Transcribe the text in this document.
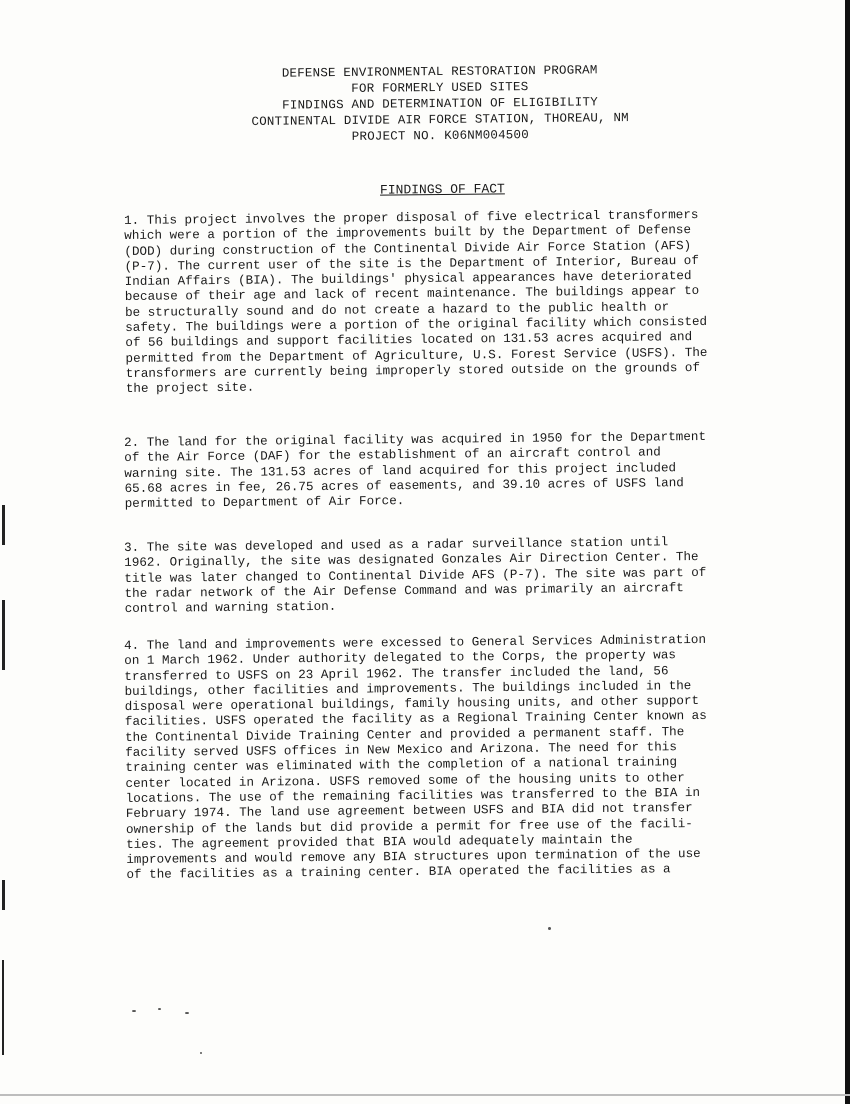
DEFENSE ENVIRONMENTAL RESTORATION PROGRAM
FOR FORMERLY USED SITES
FINDINGS AND DETERMINATION OF ELIGIBILITY
CONTINENTAL DIVIDE AIR FORCE STATION, THOREAU, NM
PROJECT NO. K06NM004500
FINDINGS OF FACT
1. This project involves the proper disposal of five electrical transformers
which were a portion of the improvements built by the Department of Defense
(DOD) during construction of the Continental Divide Air Force Station (AFS)
(P-7). The current user of the site is the Department of Interior, Bureau of
Indian Affairs (BIA). The buildings' physical appearances have deteriorated
because of their age and lack of recent maintenance. The buildings appear to
be structurally sound and do not create a hazard to the public health or
safety. The buildings were a portion of the original facility which consisted
of 56 buildings and support facilities located on 131.53 acres acquired and
permitted from the Department of Agriculture, U.S. Forest Service (USFS). The
transformers are currently being improperly stored outside on the grounds of
the project site.
2. The land for the original facility was acquired in 1950 for the Department
of the Air Force (DAF) for the establishment of an aircraft control and
warning site. The 131.53 acres of land acquired for this project included
65.68 acres in fee, 26.75 acres of easements, and 39.10 acres of USFS land
permitted to Department of Air Force.
3. The site was developed and used as a radar surveillance station until
1962. Originally, the site was designated Gonzales Air Direction Center. The
title was later changed to Continental Divide AFS (P-7). The site was part of
the radar network of the Air Defense Command and was primarily an aircraft
control and warning station.
4. The land and improvements were excessed to General Services Administration
on 1 March 1962. Under authority delegated to the Corps, the property was
transferred to USFS on 23 April 1962. The transfer included the land, 56
buildings, other facilities and improvements. The buildings included in the
disposal were operational buildings, family housing units, and other support
facilities. USFS operated the facility as a Regional Training Center known as
the Continental Divide Training Center and provided a permanent staff. The
facility served USFS offices in New Mexico and Arizona. The need for this
training center was eliminated with the completion of a national training
center located in Arizona. USFS removed some of the housing units to other
locations. The use of the remaining facilities was transferred to the BIA in
February 1974. The land use agreement between USFS and BIA did not transfer
ownership of the lands but did provide a permit for free use of the facili-
ties. The agreement provided that BIA would adequately maintain the
improvements and would remove any BIA structures upon termination of the use
of the facilities as a training center. BIA operated the facilities as a
